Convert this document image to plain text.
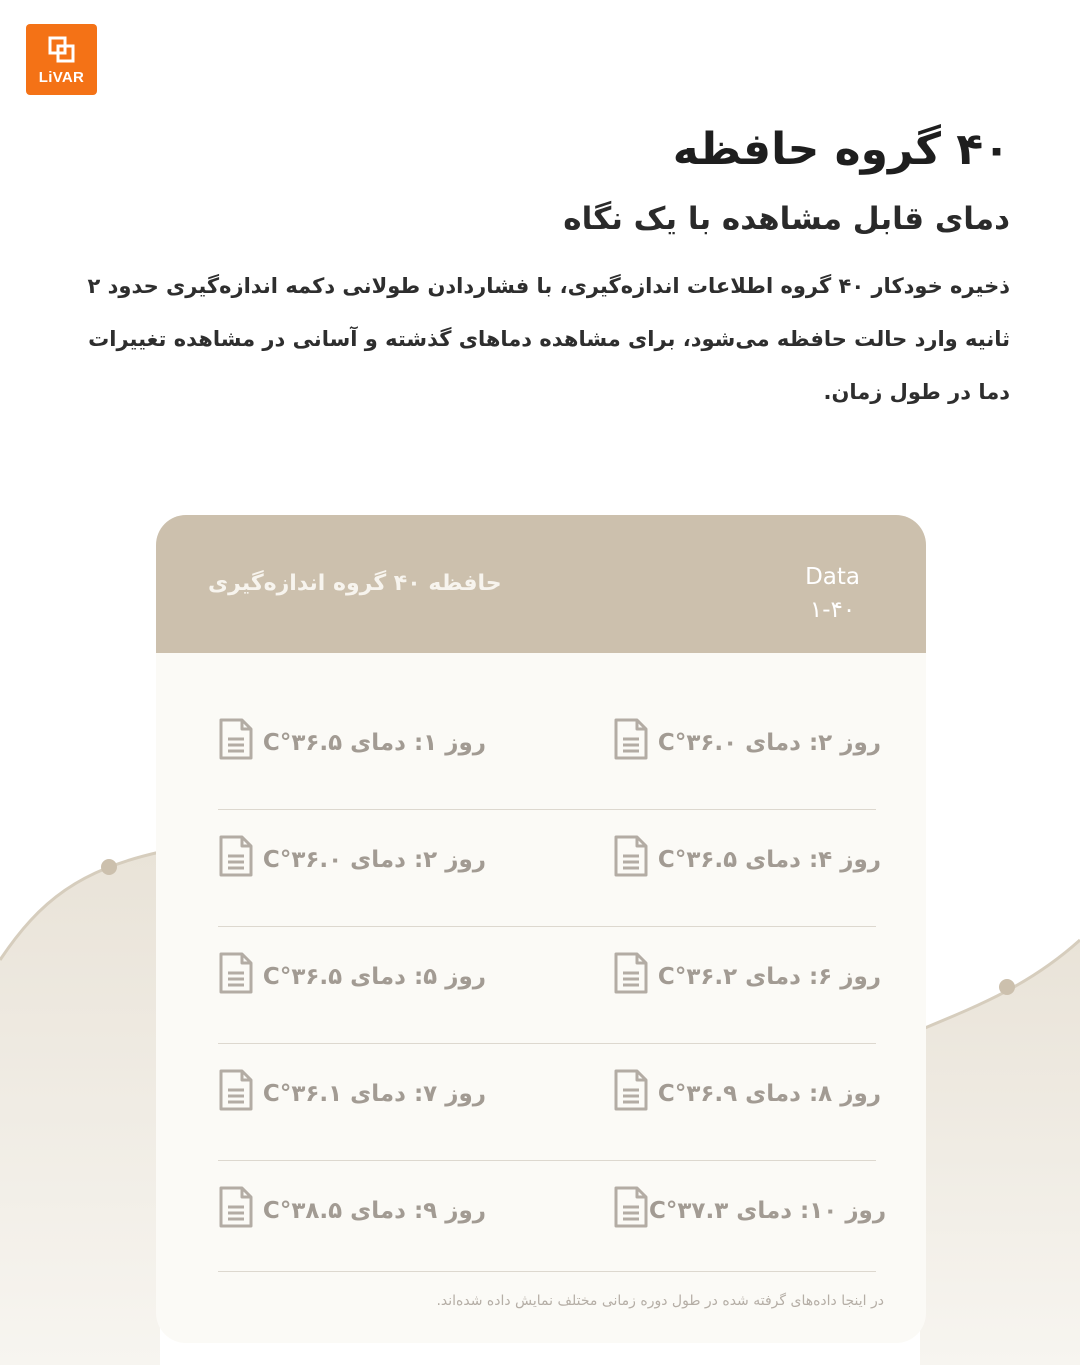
LiVAR
۴۰ گروه حافظه
دمای قابل مشاهده با یک نگاه

ذخیره خودکار ۴۰ گروه اطلاعات اندازه‌گیری، با فشاردادن طولانی دکمه اندازه‌گیری حدود ۲ ثانیه وارد حالت حافظه می‌شود، برای مشاهده دماهای گذشته و آسانی در مشاهده تغییرات دما در طول زمان.

حافظه ۴۰ گروه اندازه‌گیری	Data
۱-۴۰
روز ۲: دمای ۳۶.۰°C
روز ۱: دمای ۳۶.۵°C
روز ۴: دمای ۳۶.۵°C
روز ۲: دمای ۳۶.۰°C
روز ۶: دمای ۳۶.۲°C
روز ۵: دمای ۳۶.۵°C
روز ۸: دمای ۳۶.۹°C
روز ۷: دمای ۳۶.۱°C
روز ۱۰: دمای ۳۷.۳°C
روز ۹: دمای ۳۸.۵°C
در اینجا داده‌های گرفته شده در طول دوره زمانی مختلف نمایش داده شده‌اند.
